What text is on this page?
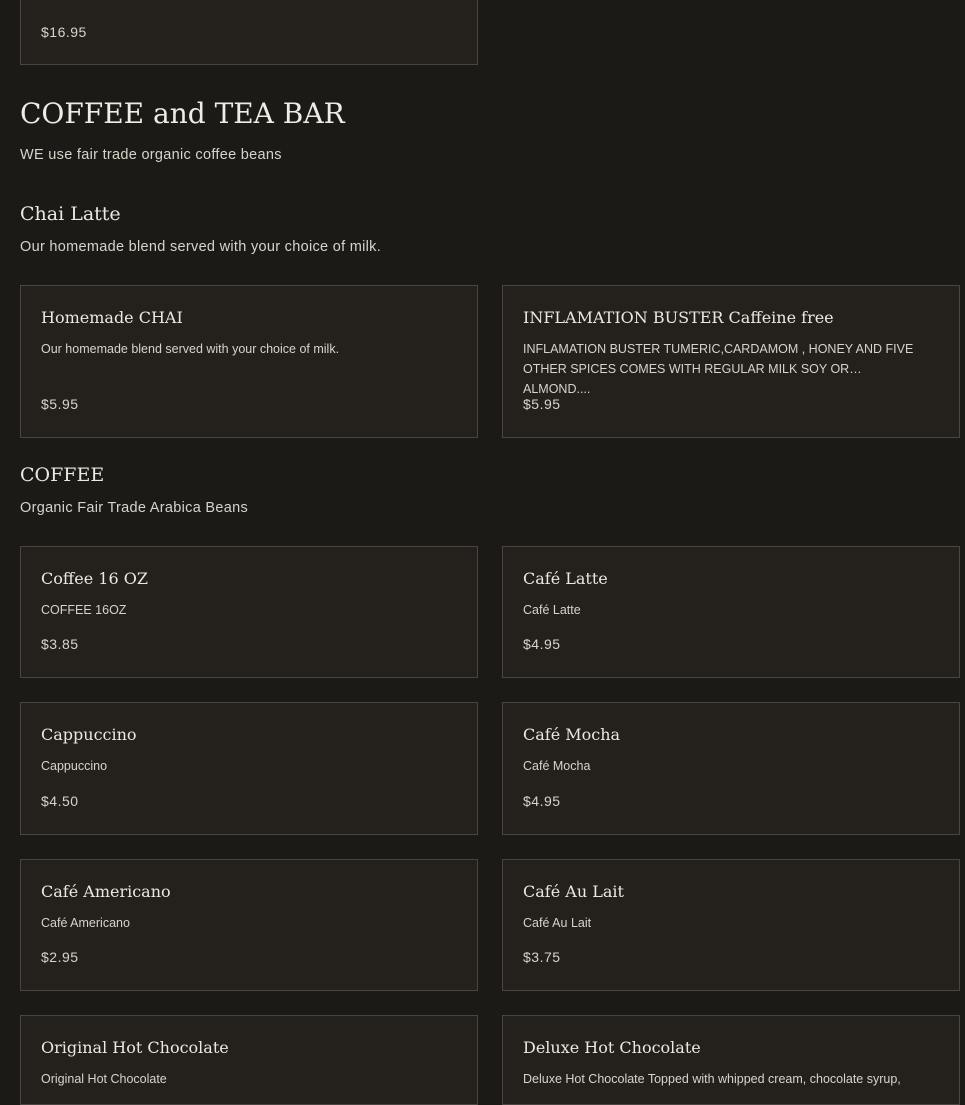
$16.95
COFFEE and TEA BAR
WE use fair trade organic coffee beans
Chai Latte
Our homemade blend served with your choice of milk.
Homemade CHAI
Our homemade blend served with your choice of milk.
$5.95
INFLAMATION BUSTER Caffeine free
INFLAMATION BUSTER TUMERIC,CARDAMOM , HONEY AND FIVE OTHER SPICES COMES WITH REGULAR MILK SOY OR ALMOND....
$5.95
COFFEE
Organic Fair Trade Arabica Beans
Coffee 16 OZ
COFFEE 16OZ
$3.85
Café Latte
Café Latte
$4.95
Cappuccino
Cappuccino
$4.50
Café Mocha
Café Mocha
$4.95
Café Americano
Café Americano
$2.95
Café Au Lait
Café Au Lait
$3.75
Original Hot Chocolate
Original Hot Chocolate
Deluxe Hot Chocolate
Deluxe Hot Chocolate Topped with whipped cream, chocolate syrup,
